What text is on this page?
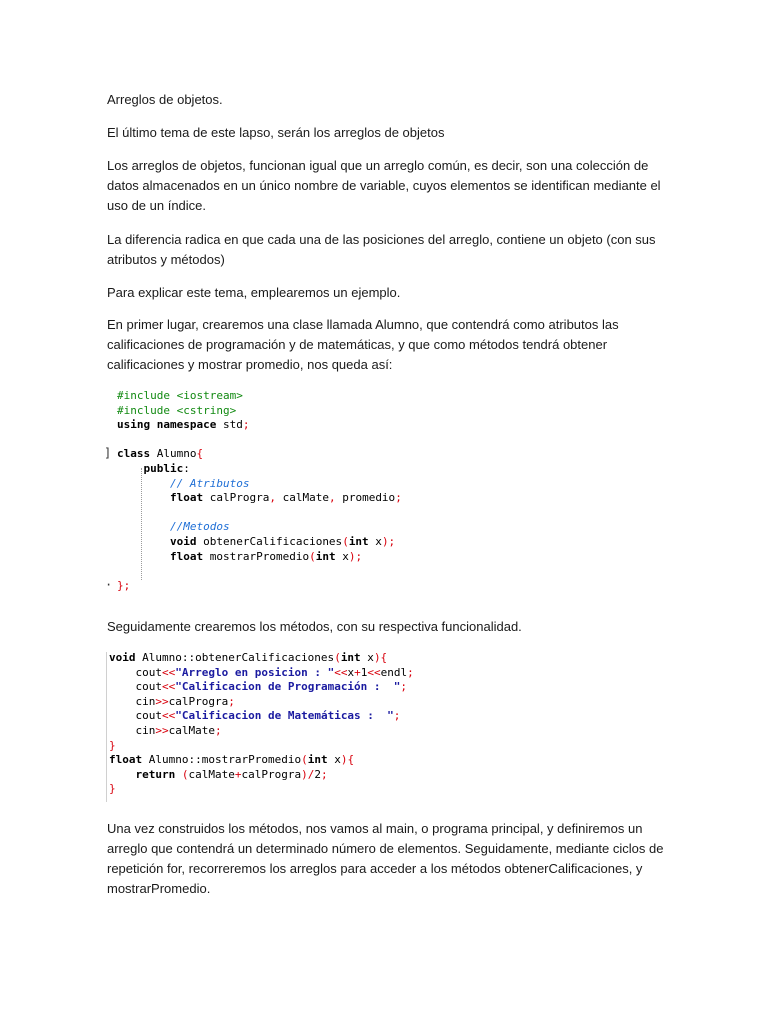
Arreglos de objetos.

El último tema de este lapso, serán los arreglos de objetos

Los arreglos de objetos, funcionan igual que un arreglo común, es decir, son una colección de datos almacenados en un único nombre de variable, cuyos elementos se identifican mediante el uso de un índice.

La diferencia radica en que cada una de las posiciones del arreglo, contiene un objeto (con sus atributos y métodos)

Para explicar este tema, emplearemos un ejemplo.

En primer lugar, crearemos una clase llamada Alumno, que contendrá como atributos las calificaciones de programación y de matemáticas, y que como métodos tendrá obtener calificaciones y mostrar promedio, nos queda así:

#include <iostream>
#include <cstring>
using namespace std;

class Alumno{
public:
// Atributos
float calProgra, calMate, promedio;

//Metodos
void obtenerCalificaciones(int x);
float mostrarPromedio(int x);

};
]
·

Seguidamente crearemos los métodos, con su respectiva funcionalidad.

void Alumno::obtenerCalificaciones(int x){
cout<<"Arreglo en posicion : "<<x+1<<endl;
cout<<"Calificacion de Programación :  ";
cin>>calProgra;
cout<<"Calificacion de Matemáticas :  ";
cin>>calMate;
}
float Alumno::mostrarPromedio(int x){
return (calMate+calProgra)/2;
}

Una vez construidos los métodos, nos vamos al main, o programa principal, y definiremos un arreglo que contendrá un determinado número de elementos. Seguidamente, mediante ciclos de repetición for, recorreremos los arreglos para acceder a los métodos obtenerCalificaciones, y mostrarPromedio.
